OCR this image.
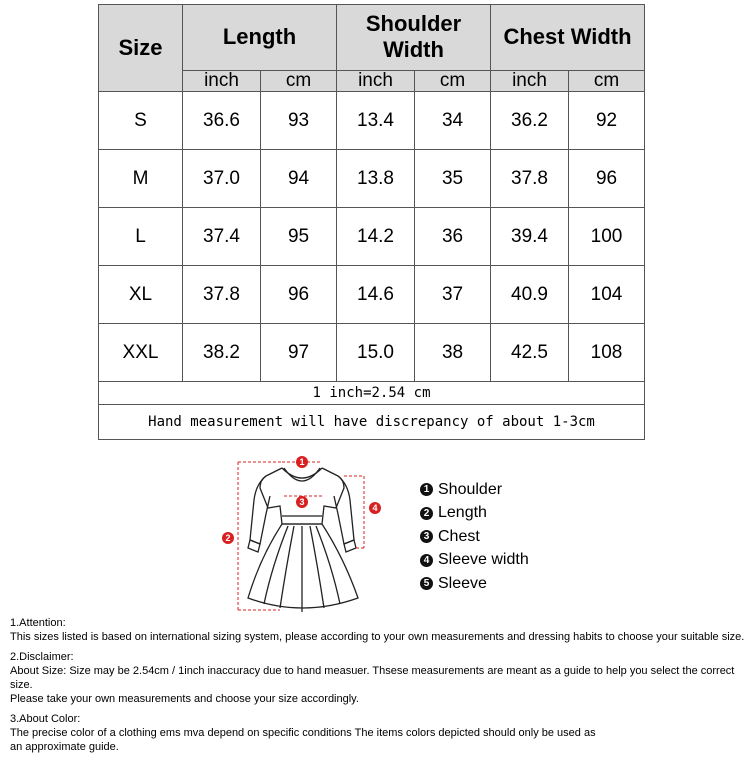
Size	Length		Shoulder Width		Chest Width	
	inch	cm	inch	cm	inch	cm
S	36.6	93	13.4	34	36.2	92
M	37.0	94	13.8	35	37.8	96
L	37.4	95	14.2	36	39.4	100
XL	37.8	96	14.6	37	40.9	104
XXL	38.2	97	15.0	38	42.5	108
1 inch=2.54 cm						
Hand measurement will have discrepancy of about 1-3cm						
1
2
3
4
1 Shoulder
2 Length
3 Chest
4 Sleeve width
5 Sleeve

1.Attention:

This sizes listed is based on international sizing system, please according to your own measurements and dressing habits to choose your suitable size.

2.Disclaimer:

About Size: Size may be 2.54cm / 1inch inaccuracy due to hand measuer. Thsese measurements are meant as a guide to help you select the correct size.

Please take your own measurements and choose your size accordingly.

3.About Color:

The precise color of a clothing ems mva depend on specific conditions The items colors depicted should only be used as

an approximate guide.
